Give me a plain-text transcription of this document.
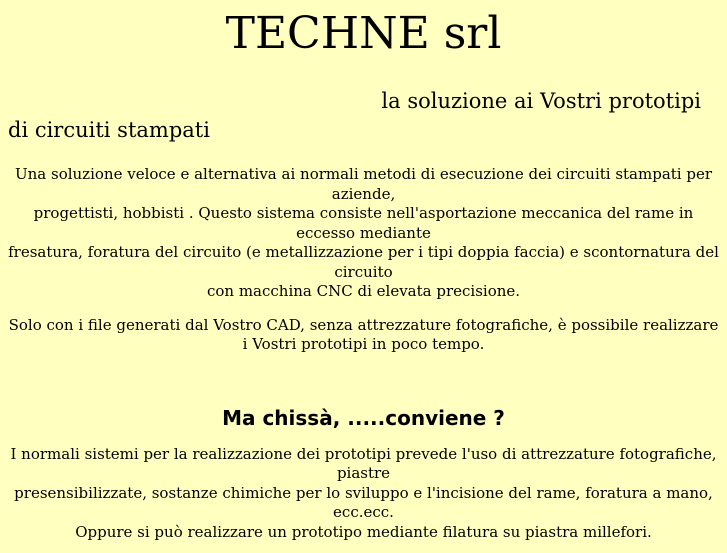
TECHNE srl
la soluzione ai Vostri prototipi
di circuiti stampati

Una soluzione veloce e alternativa ai normali metodi di esecuzione dei circuiti stampati per aziende,
progettisti, hobbisti . Questo sistema consiste nell'asportazione meccanica del rame in eccesso mediante
fresatura, foratura del circuito (e metallizzazione per i tipi doppia faccia) e scontornatura del circuito
con macchina CNC di elevata precisione.

Solo con i file generati dal Vostro CAD, senza attrezzature fotografiche, è possibile realizzare
i Vostri prototipi in poco tempo.

Ma chissà, .....conviene ?

I normali sistemi per la realizzazione dei prototipi prevede l'uso di attrezzature fotografiche, piastre
presensibilizzate, sostanze chimiche per lo sviluppo e l'incisione del rame, foratura a mano, ecc.ecc.
Oppure si può realizzare un prototipo mediante filatura su piastra millefori.
